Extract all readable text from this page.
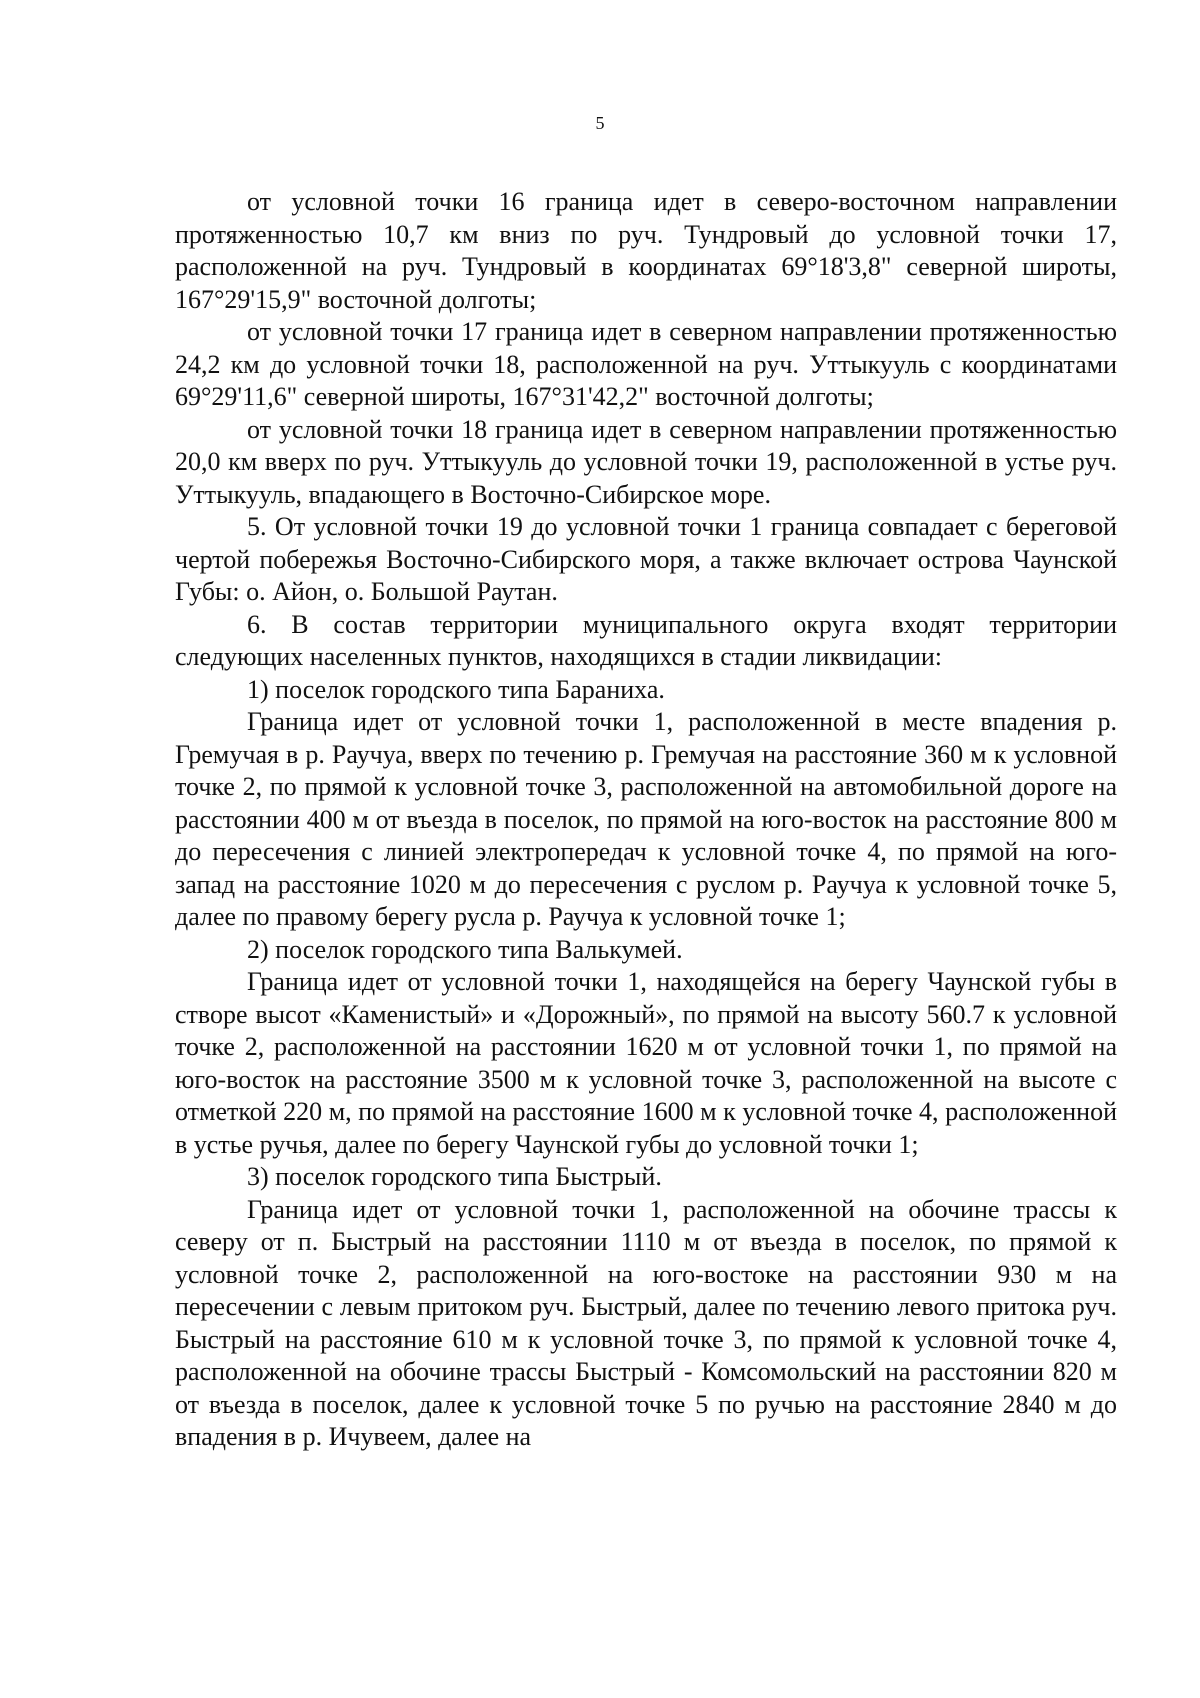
5

от условной точки 16 граница идет в северо-восточном направлении протяженностью 10,7 км вниз по руч. Тундровый до условной точки 17, расположенной на руч. Тундровый в координатах 69°18'3,8" северной широты, 167°29'15,9" восточной долготы;

от условной точки 17 граница идет в северном направлении протяженностью 24,2 км до условной точки 18, расположенной на руч. Уттыкууль с координатами 69°29'11,6" северной широты, 167°31'42,2" восточной долготы;

от условной точки 18 граница идет в северном направлении протяженностью 20,0 км вверх по руч. Уттыкууль до условной точки 19, расположенной в устье руч. Уттыкууль, впадающего в Восточно-Сибирское море.

5. От условной точки 19 до условной точки 1 граница совпадает с береговой чертой побережья Восточно-Сибирского моря, а также включает острова Чаунской Губы: о. Айон, о. Большой Раутан.

6. В состав территории муниципального округа входят территории следующих населенных пунктов, находящихся в стадии ликвидации:

1) поселок городского типа Бараниха.

Граница идет от условной точки 1, расположенной в месте впадения р. Гремучая в р. Раучуа, вверх по течению р. Гремучая на расстояние 360 м к условной точке 2, по прямой к условной точке 3, расположенной на автомобильной дороге на расстоянии 400 м от въезда в поселок, по прямой на юго-восток на расстояние 800 м до пересечения с линией электропередач к условной точке 4, по прямой на юго-запад на расстояние 1020 м до пересечения с руслом р. Раучуа к условной точке 5, далее по правому берегу русла р. Раучуа к условной точке 1;

2) поселок городского типа Валькумей.

Граница идет от условной точки 1, находящейся на берегу Чаунской губы в створе высот «Каменистый» и «Дорожный», по прямой на высоту 560.7 к условной точке 2, расположенной на расстоянии 1620 м от условной точки 1, по прямой на юго-восток на расстояние 3500 м к условной точке 3, расположенной на высоте с отметкой 220 м, по прямой на расстояние 1600 м к условной точке 4, расположенной в устье ручья, далее по берегу Чаунской губы до условной точки 1;

3) поселок городского типа Быстрый.

Граница идет от условной точки 1, расположенной на обочине трассы к северу от п. Быстрый на расстоянии 1110 м от въезда в поселок, по прямой к условной точке 2, расположенной на юго-востоке на расстоянии 930 м на пересечении с левым притоком руч. Быстрый, далее по течению левого притока руч. Быстрый на расстояние 610 м к условной точке 3, по прямой к условной точке 4, расположенной на обочине трассы Быстрый - Комсомольский на расстоянии 820 м от въезда в поселок, далее к условной точке 5 по ручью на расстояние 2840 м до впадения в р. Ичувеем, далее на
